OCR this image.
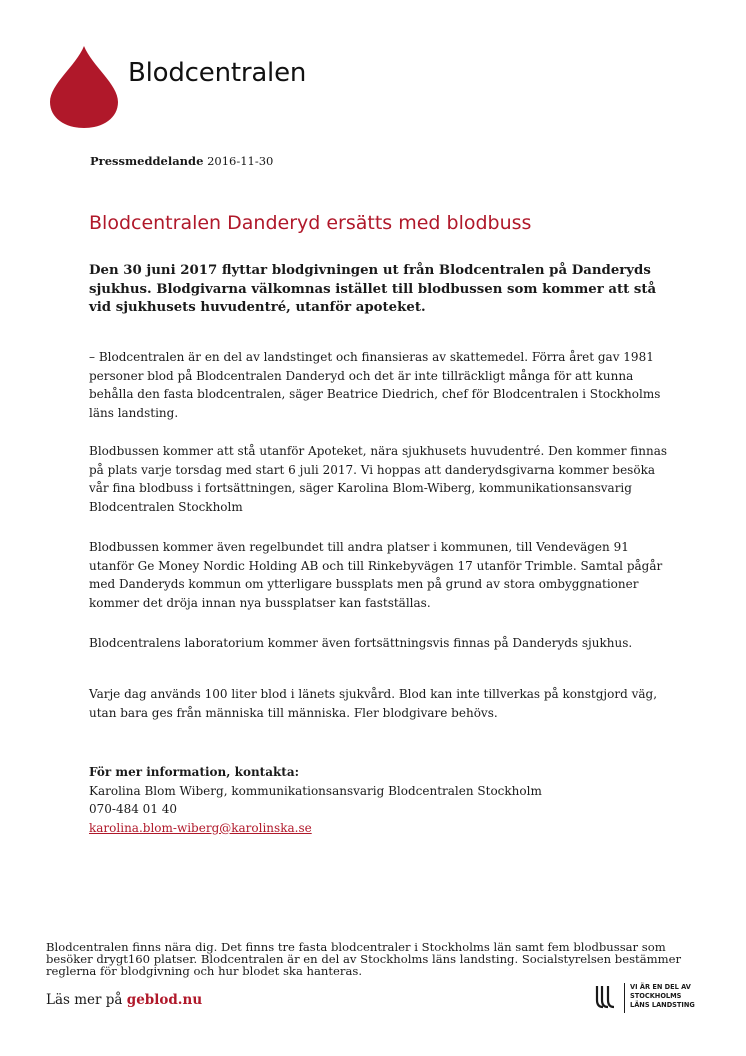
Blodcentralen
Pressmeddelande 2016-11-30
Blodcentralen Danderyd ersätts med blodbuss

Den 30 juni 2017 flyttar blodgivningen ut från Blodcentralen på Danderyds sjukhus. Blodgivarna välkomnas istället till blodbussen som kommer att stå vid sjukhusets huvudentré, utanför apoteket.

– Blodcentralen är en del av landstinget och finansieras av skattemedel. Förra året gav 1981 personer blod på Blodcentralen Danderyd och det är inte tillräckligt många för att kunna behålla den fasta blodcentralen, säger Beatrice Diedrich, chef för Blodcentralen i Stockholms läns landsting.

Blodbussen kommer att stå utanför Apoteket, nära sjukhusets huvudentré. Den kommer finnas på plats varje torsdag med start 6 juli 2017. Vi hoppas att danderydsgivarna kommer besöka vår fina blodbuss i fortsättningen, säger Karolina Blom-Wiberg, kommunikationsansvarig Blodcentralen Stockholm

Blodbussen kommer även regelbundet till andra platser i kommunen, till Vendevägen 91 utanför Ge Money Nordic Holding AB och till Rinkebyvägen 17 utanför Trimble. Samtal pågår med Danderyds kommun om ytterligare bussplats men på grund av stora ombyggnationer kommer det dröja innan nya bussplatser kan fastställas.

Blodcentralens laboratorium kommer även fortsättningsvis finnas på Danderyds sjukhus.

Varje dag används 100 liter blod i länets sjukvård. Blod kan inte tillverkas på konstgjord väg, utan bara ges från människa till människa. Fler blodgivare behövs.

För mer information, kontakta:
Karolina Blom Wiberg, kommunikationsansvarig Blodcentralen Stockholm
070-484 01 40
karolina.blom-wiberg@karolinska.se

Blodcentralen finns nära dig. Det finns tre fasta blodcentraler i Stockholms län samt fem blodbussar som besöker drygt160 platser. Blodcentralen är en del av Stockholms läns landsting. Socialstyrelsen bestämmer reglerna för blodgivning och hur blodet ska hanteras.

Läs mer på geblod.nu
VI ÄR EN DEL AV
STOCKHOLMS
LÄNS LANDSTING
